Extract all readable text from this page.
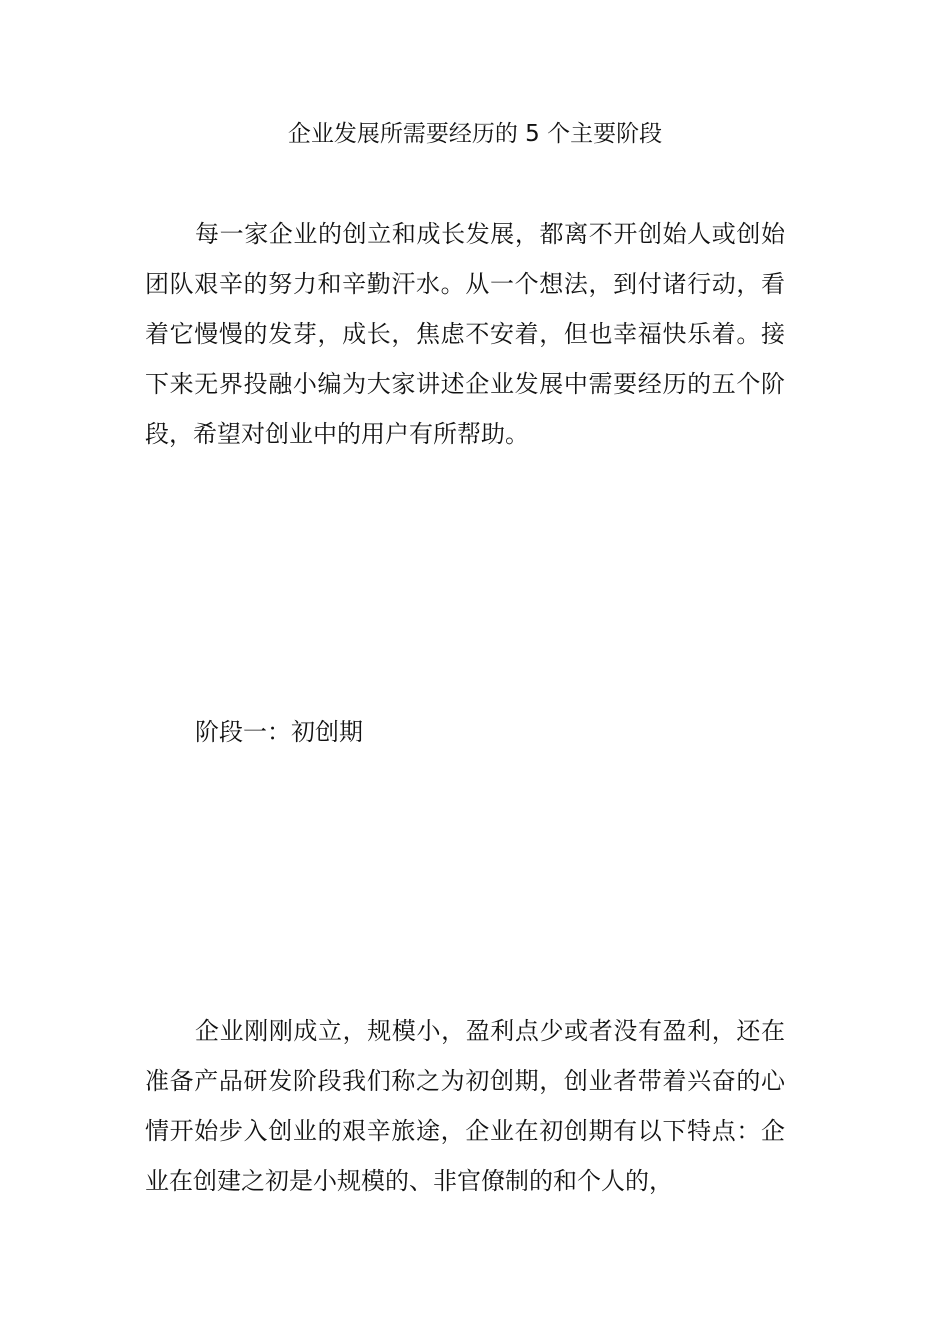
企业发展所需要经历的 5 个主要阶段

每一家企业的创立和成长发展，都离不开创始人或创始团队艰辛的努力和辛勤汗水。从一个想法，到付诸行动，看着它慢慢的发芽，成长，焦虑不安着，但也幸福快乐着。接下来无界投融小编为大家讲述企业发展中需要经历的五个阶段，希望对创业中的用户有所帮助。

阶段一：初创期

企业刚刚成立，规模小，盈利点少或者没有盈利，还在准备产品研发阶段我们称之为初创期，创业者带着兴奋的心情开始步入创业的艰辛旅途，企业在初创期有以下特点：企业在创建之初是小规模的、非官僚制的和个人的，
